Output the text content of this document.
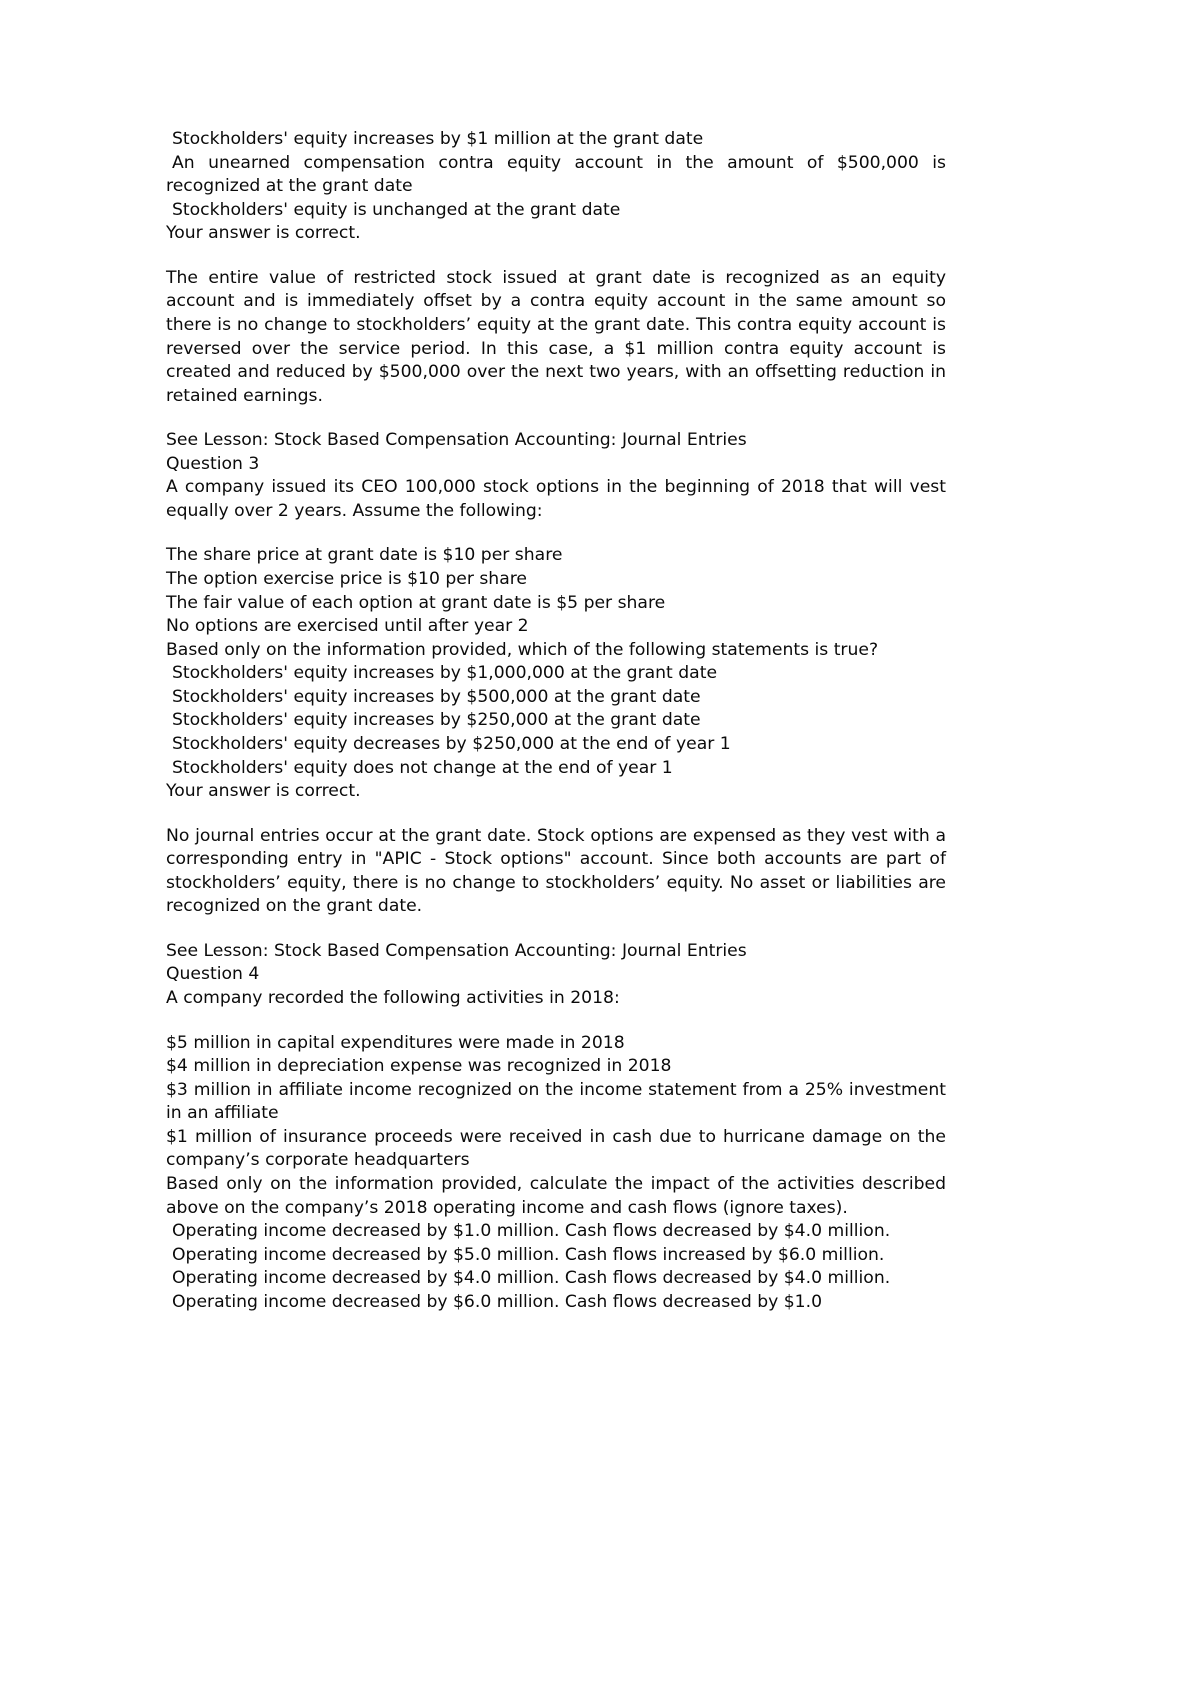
Stockholders' equity increases by $1 million at the grant date

An unearned compensation contra equity account in the amount of $500,000 is recognized at the grant date

Stockholders' equity is unchanged at the grant date

Your answer is correct.

The entire value of restricted stock issued at grant date is recognized as an equity account and is immediately offset by a contra equity account in the same amount so there is no change to stockholders’ equity at the grant date. This contra equity account is reversed over the service period. In this case, a $1 million contra equity account is created and reduced by $500,000 over the next two years, with an offsetting reduction in retained earnings.

See Lesson: Stock Based Compensation Accounting: Journal Entries

Question 3

A company issued its CEO 100,000 stock options in the beginning of 2018 that will vest equally over 2 years. Assume the following:

The share price at grant date is $10 per share

The option exercise price is $10 per share

The fair value of each option at grant date is $5 per share

No options are exercised until after year 2

Based only on the information provided, which of the following statements is true?

Stockholders' equity increases by $1,000,000 at the grant date

Stockholders' equity increases by $500,000 at the grant date

Stockholders' equity increases by $250,000 at the grant date

Stockholders' equity decreases by $250,000 at the end of year 1

Stockholders' equity does not change at the end of year 1

Your answer is correct.

No journal entries occur at the grant date. Stock options are expensed as they vest with a corresponding entry in "APIC - Stock options" account. Since both accounts are part of stockholders’ equity, there is no change to stockholders’ equity. No asset or liabilities are recognized on the grant date.

See Lesson: Stock Based Compensation Accounting: Journal Entries

Question 4

A company recorded the following activities in 2018:

$5 million in capital expenditures were made in 2018

$4 million in depreciation expense was recognized in 2018

$3 million in affiliate income recognized on the income statement from a 25% investment in an affiliate

$1 million of insurance proceeds were received in cash due to hurricane damage on the company’s corporate headquarters

Based only on the information provided, calculate the impact of the activities described above on the company’s 2018 operating income and cash flows (ignore taxes).

Operating income decreased by $1.0 million. Cash flows decreased by $4.0 million.

Operating income decreased by $5.0 million. Cash flows increased by $6.0 million.

Operating income decreased by $4.0 million. Cash flows decreased by $4.0 million.

Operating income decreased by $6.0 million. Cash flows decreased by $1.0
